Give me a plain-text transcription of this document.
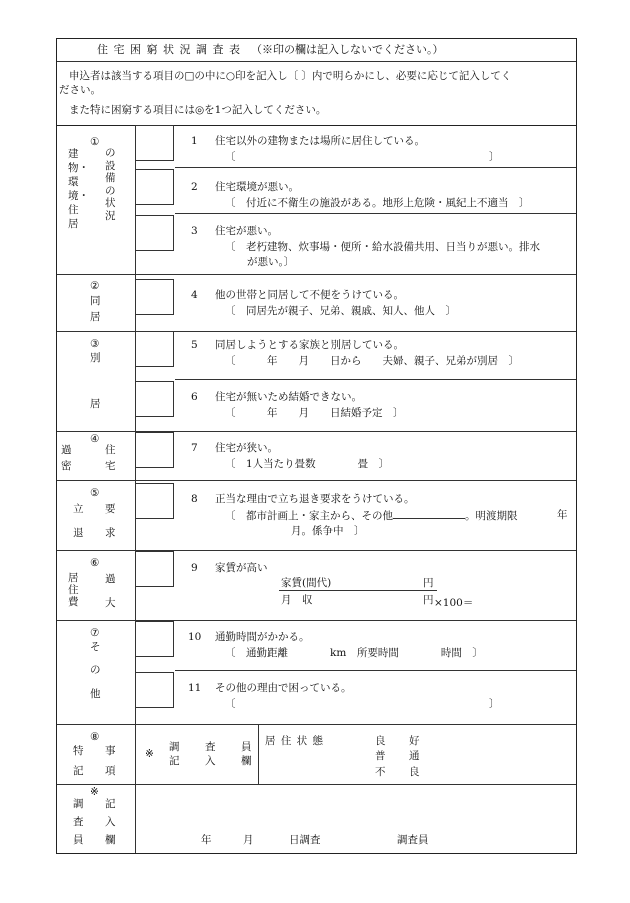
住 宅 困 窮 状 況 調 査 表 （※印の欄は記入しないでください。）
申込者は該当する項目の□の中に○印を記入し〔 〕内で明らかにし、必要に応じて記入してく
ださい。
また特に困窮する項目には◎を1つ記入してください。
①
建物・環境・住居
の設備の状況
1 住宅以外の建物または場所に居住している。
〔	〕
2 住宅環境が悪い。
〔　付近に不衛生の施設がある。地形上危険・風紀上不適当　〕
3 住宅が悪い。
〔　老朽建物、炊事場・便所・給水設備共用、日当りが悪い。排水
が悪い。〕
②
同
居
4 他の世帯と同居して不便をうけている。
〔　同居先が親子、兄弟、親戚、知人、他人　〕
③
別
居
5 同居しようとする家族と別居している。
〔　　　年　　月　　日から　　夫婦、親子、兄弟が別居　〕
6 住宅が無いため結婚できない。
〔　　　年　　月　　日結婚予定　〕
④
過	住
密	宅
7 住宅が狭い。
〔　1人当たり畳数　　　　畳　〕
⑤
立 要
退 求
8 正当な理由で立ち退き要求をうけている。
〔　都市計画上・家主から、その他	。明渡期限	年
月。係争中　〕
⑥
居住費
過
大
9 家賃が高い
家賃(間代)	円
月　収	円 ×100＝
⑦
そ
の
他
10 通勤時間がかかる。
〔　通勤距離　　　　km　所要時間　　　　時間　〕
11 その他の理由で困っている。
〔	〕
⑧
特 事
記 項
※
調 査 員
記 入 欄
居 住 状 態	良 好
普 通
不 良
※
調 記
査 入
員 欄	年	月	日調査	調査員
